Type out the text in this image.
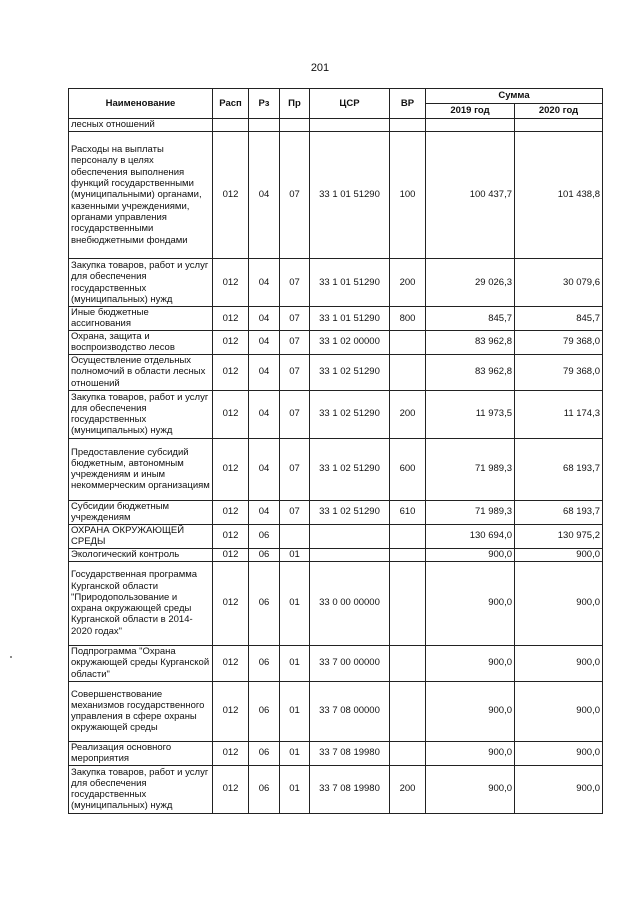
201
Наименование	Расп	Рз	Пр	ЦСР	ВР	Сумма	
						2019 год	2020 год
лесных отношений							
Расходы на выплаты персоналу в целях обеспечения выполнения функций государственными (муниципальными) органами, казенными учреждениями, органами управления государственными внебюджетными фондами	012	04	07	33 1 01 51290	100	100 437,7	101 438,8
Закупка товаров, работ и услуг для обеспечения государственных (муниципальных) нужд	012	04	07	33 1 01 51290	200	29 026,3	30 079,6
Иные бюджетные ассигнования	012	04	07	33 1 01 51290	800	845,7	845,7
Охрана, защита и воспроизводство лесов	012	04	07	33 1 02 00000		83 962,8	79 368,0
Осуществление отдельных полномочий в области лесных отношений	012	04	07	33 1 02 51290		83 962,8	79 368,0
Закупка товаров, работ и услуг для обеспечения государственных (муниципальных) нужд	012	04	07	33 1 02 51290	200	11 973,5	11 174,3
Предоставление субсидий бюджетным, автономным учреждениям и иным некоммерческим организациям	012	04	07	33 1 02 51290	600	71 989,3	68 193,7
Субсидии бюджетным учреждениям	012	04	07	33 1 02 51290	610	71 989,3	68 193,7
ОХРАНА ОКРУЖАЮЩЕЙ СРЕДЫ	012	06				130 694,0	130 975,2
Экологический контроль	012	06	01			900,0	900,0
Государственная программа Курганской области "Природопользование и охрана окружающей среды Курганской области в 2014-2020 годах"	012	06	01	33 0 00 00000		900,0	900,0
Подпрограмма "Охрана окружающей среды Курганской области"	012	06	01	33 7 00 00000		900,0	900,0
Совершенствование механизмов государственного управления в сфере охраны окружающей среды	012	06	01	33 7 08 00000		900,0	900,0
Реализация основного мероприятия	012	06	01	33 7 08 19980		900,0	900,0
Закупка товаров, работ и услуг для обеспечения государственных (муниципальных) нужд	012	06	01	33 7 08 19980	200	900,0	900,0
